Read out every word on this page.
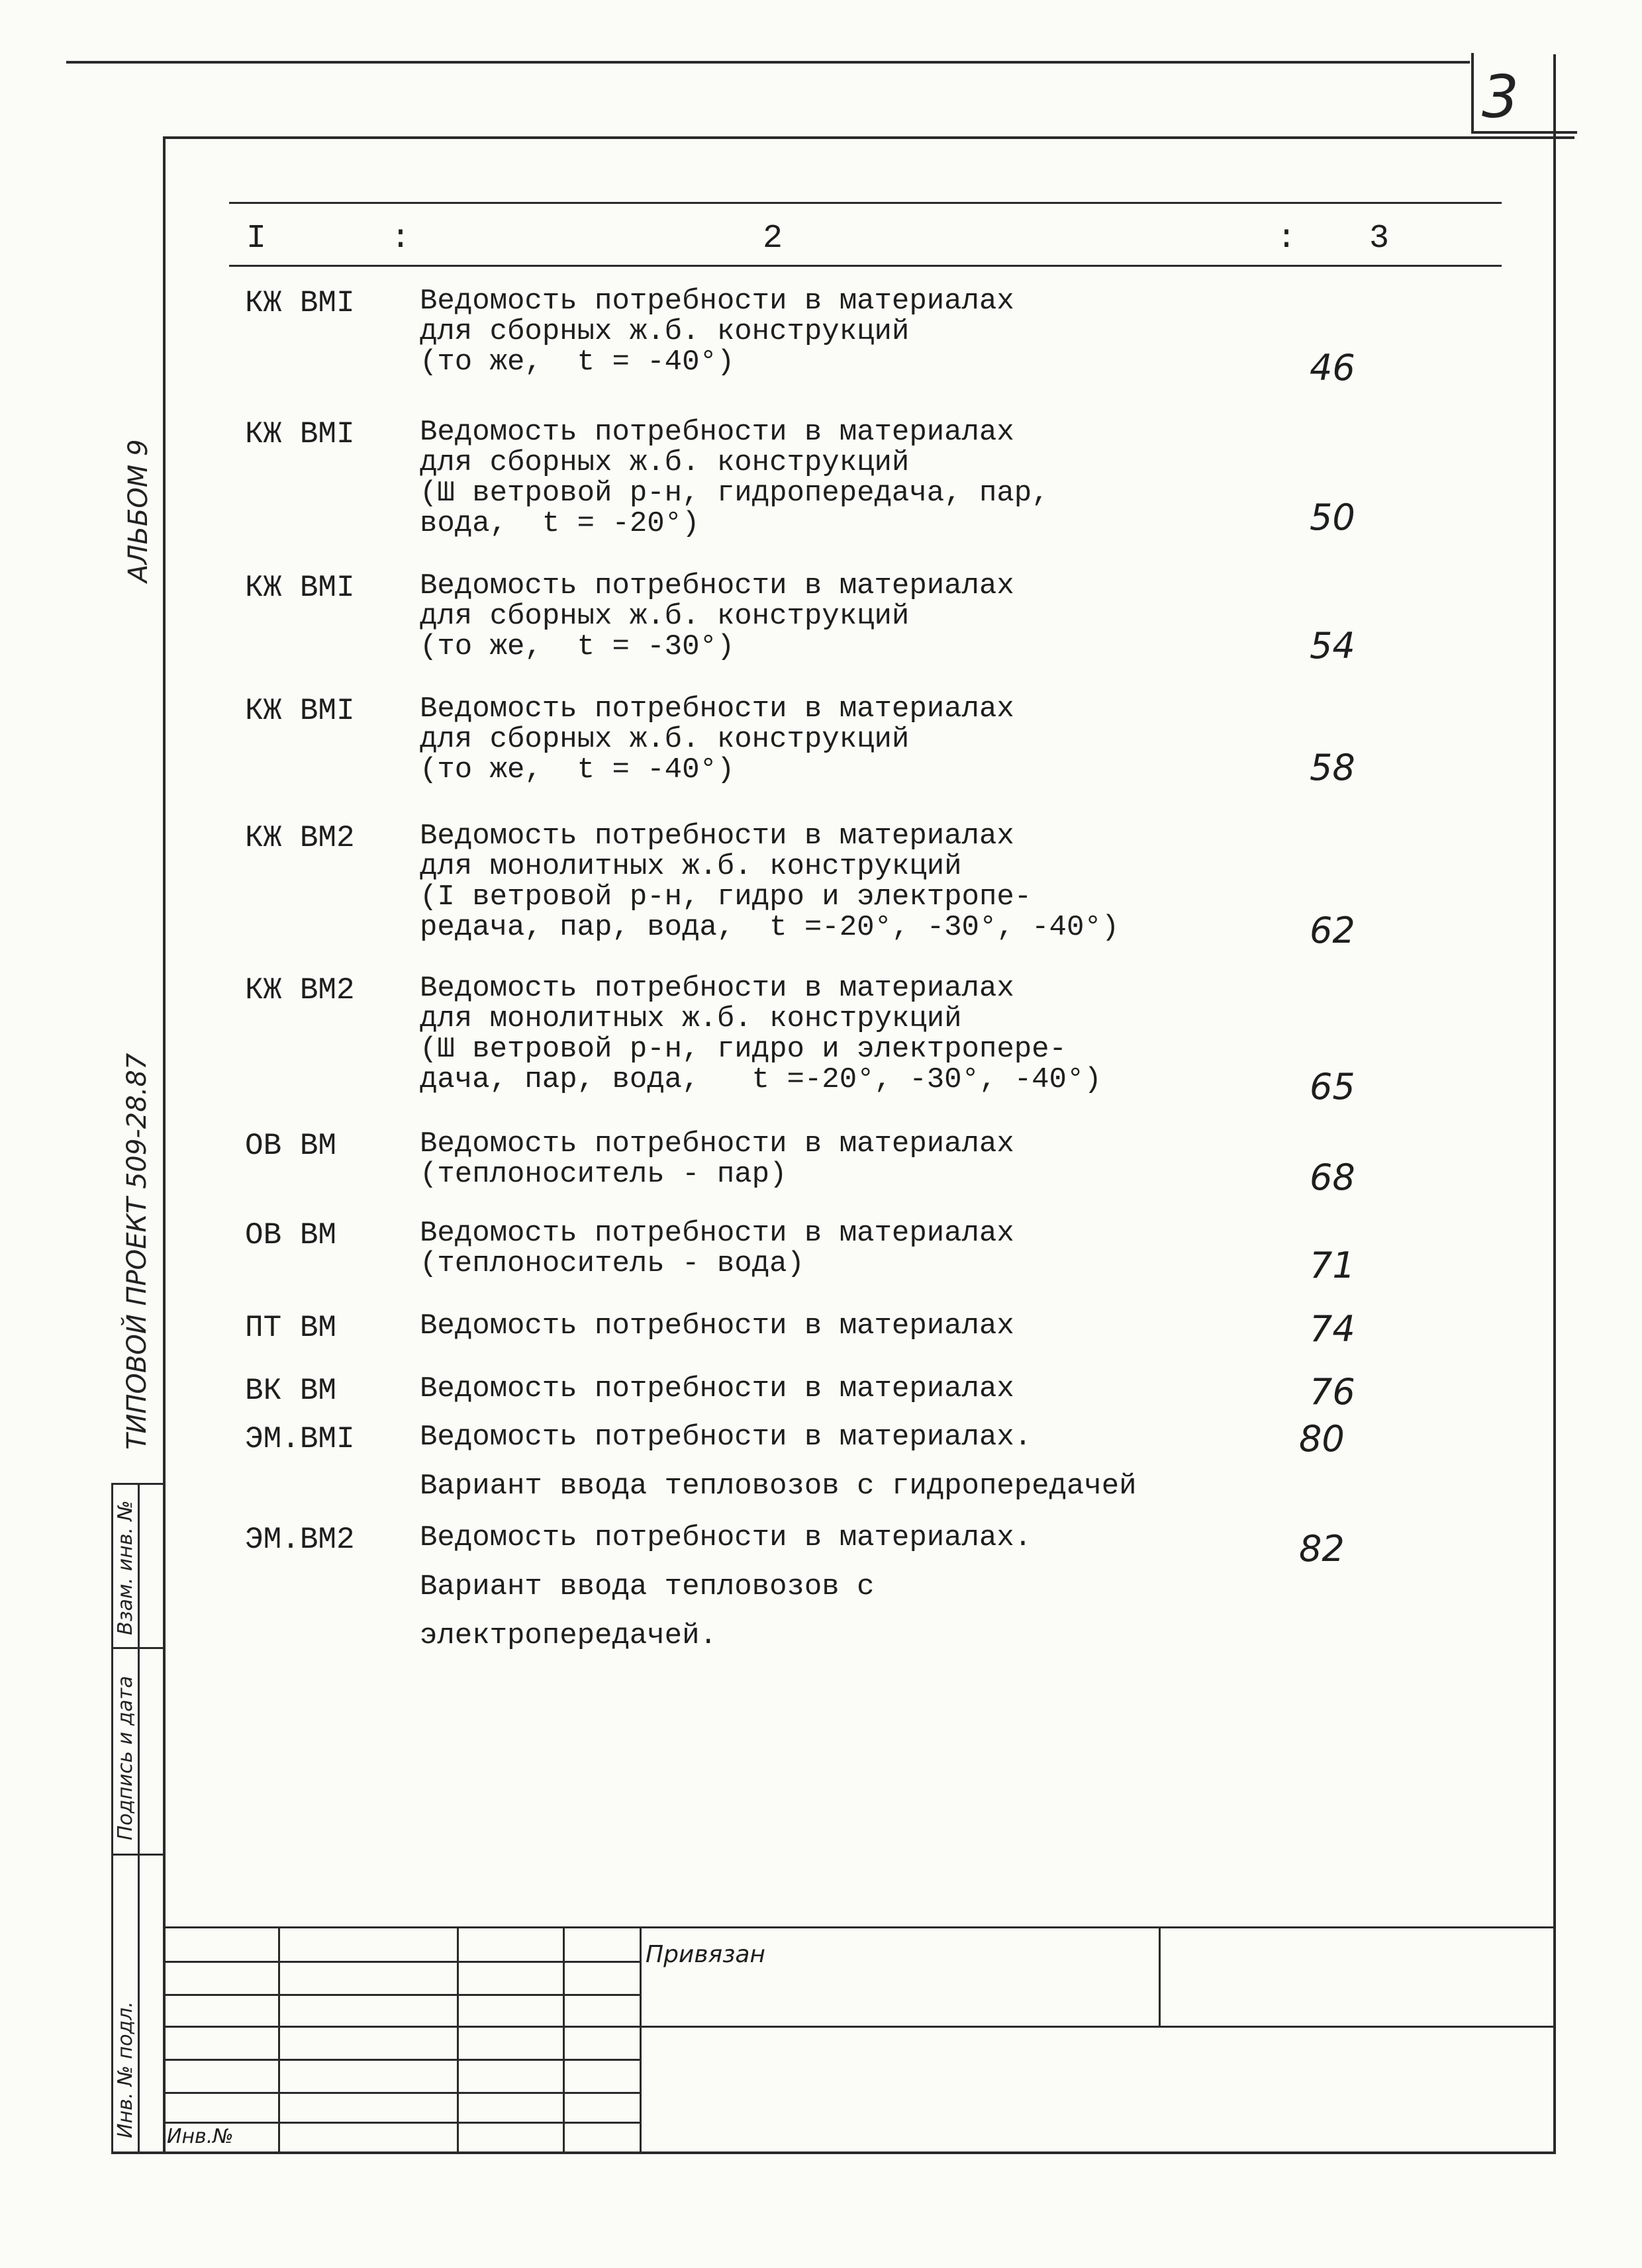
3
I	:	2	: 3
КЖ ВМI Ведомость потребности в материалах
для сборных ж.б. конструкций
(то же,  t = -40°)	46
КЖ ВМI Ведомость потребности в материалах
для сборных ж.б. конструкций
(Ш ветровой р-н, гидропередача, пар,
вода,  t = -20°)	50
КЖ ВМI Ведомость потребности в материалах
для сборных ж.б. конструкций
(то же,  t = -30°)	54
КЖ ВМI Ведомость потребности в материалах
для сборных ж.б. конструкций
(то же,  t = -40°)	58
КЖ ВМ2 Ведомость потребности в материалах
для монолитных ж.б. конструкций
(I ветровой р-н, гидро и электропе-
редача, пар, вода,  t =-20°, -30°, -40°)	62
КЖ ВМ2 Ведомость потребности в материалах
для монолитных ж.б. конструкций
(Ш ветровой р-н, гидро и электропере-
дача, пар, вода,   t =-20°, -30°, -40°)	65
ОВ ВМ	Ведомость потребности в материалах
(теплоноситель - пар)	68
ОВ ВМ	Ведомость потребности в материалах
(теплоноситель - вода)	71
ПТ ВМ	Ведомость потребности в материалах	74
ВК ВМ	Ведомость потребности в материалах	76
ЭМ.ВМI Ведомость потребности в материалах.
Вариант ввода тепловозов с гидропередачей
80
ЭМ.ВМ2 Ведомость потребности в материалах.
Вариант ввода тепловозов с
электропередачей.
82
АЛЬБОМ 9
ТИПОВОЙ ПРОЕКТ 509-28.87
Взам. инв. №
Подпись и дата
Инв. № подл.
Привязан
Инв.№
